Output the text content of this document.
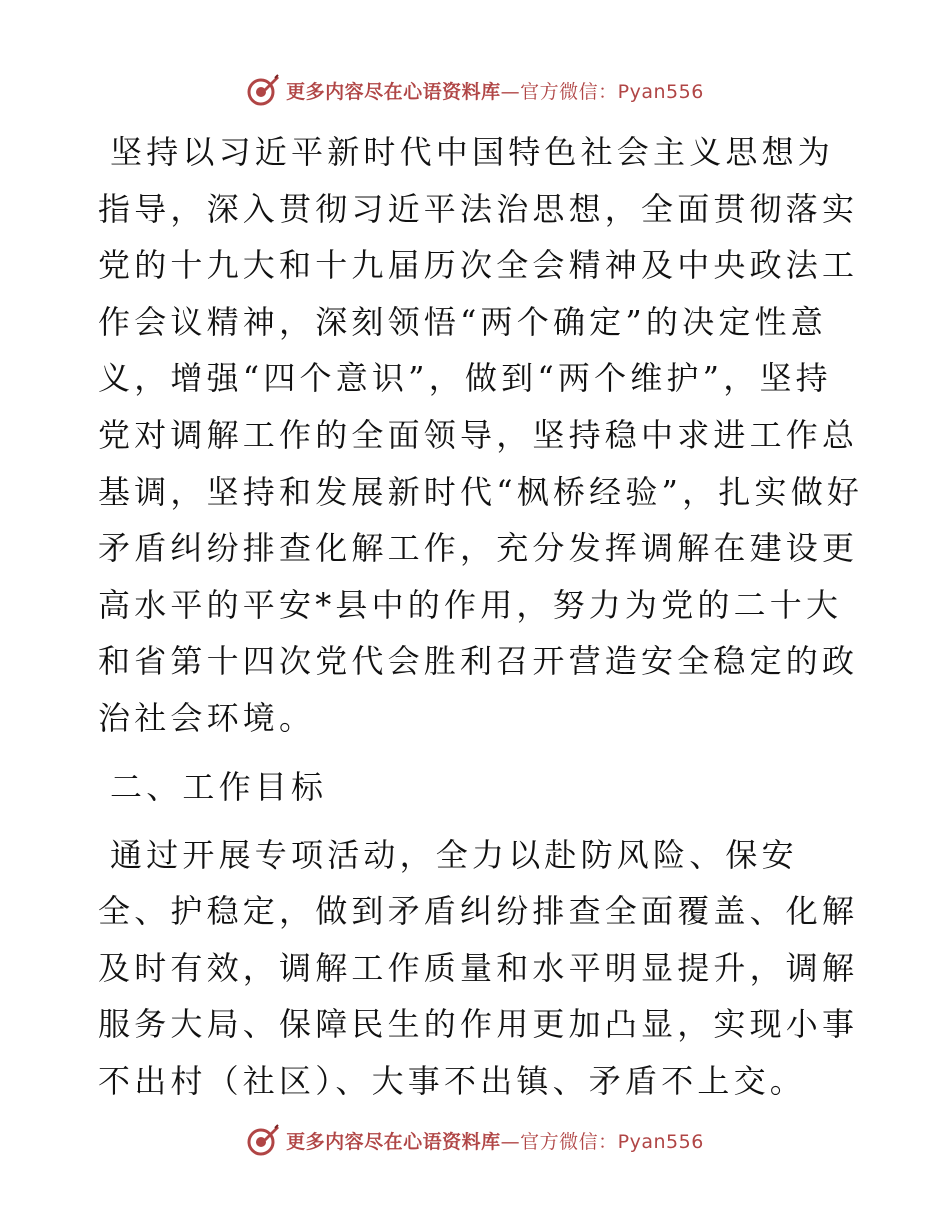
更多内容尽在心语资料库—官方微信：Pyan556

坚持以习近平新时代中国特色社会主义思想为指导，深入贯彻习近平法治思想，全面贯彻落实党的十九大和十九届历次全会精神及中央政法工作会议精神，深刻领悟“两个确定”的决定性意义，增强“四个意识”，做到“两个维护”，坚持党对调解工作的全面领导，坚持稳中求进工作总基调，坚持和发展新时代“枫桥经验”，扎实做好矛盾纠纷排查化解工作，充分发挥调解在建设更高水平的平安*县中的作用，努力为党的二十大和省第十四次党代会胜利召开营造安全稳定的政治社会环境。

二、工作目标

通过开展专项活动，全力以赴防风险、保安全、护稳定，做到矛盾纠纷排查全面覆盖、化解及时有效，调解工作质量和水平明显提升，调解服务大局、保障民生的作用更加凸显，实现小事不出村（社区）、大事不出镇、矛盾不上交。

更多内容尽在心语资料库—官方微信：Pyan556
